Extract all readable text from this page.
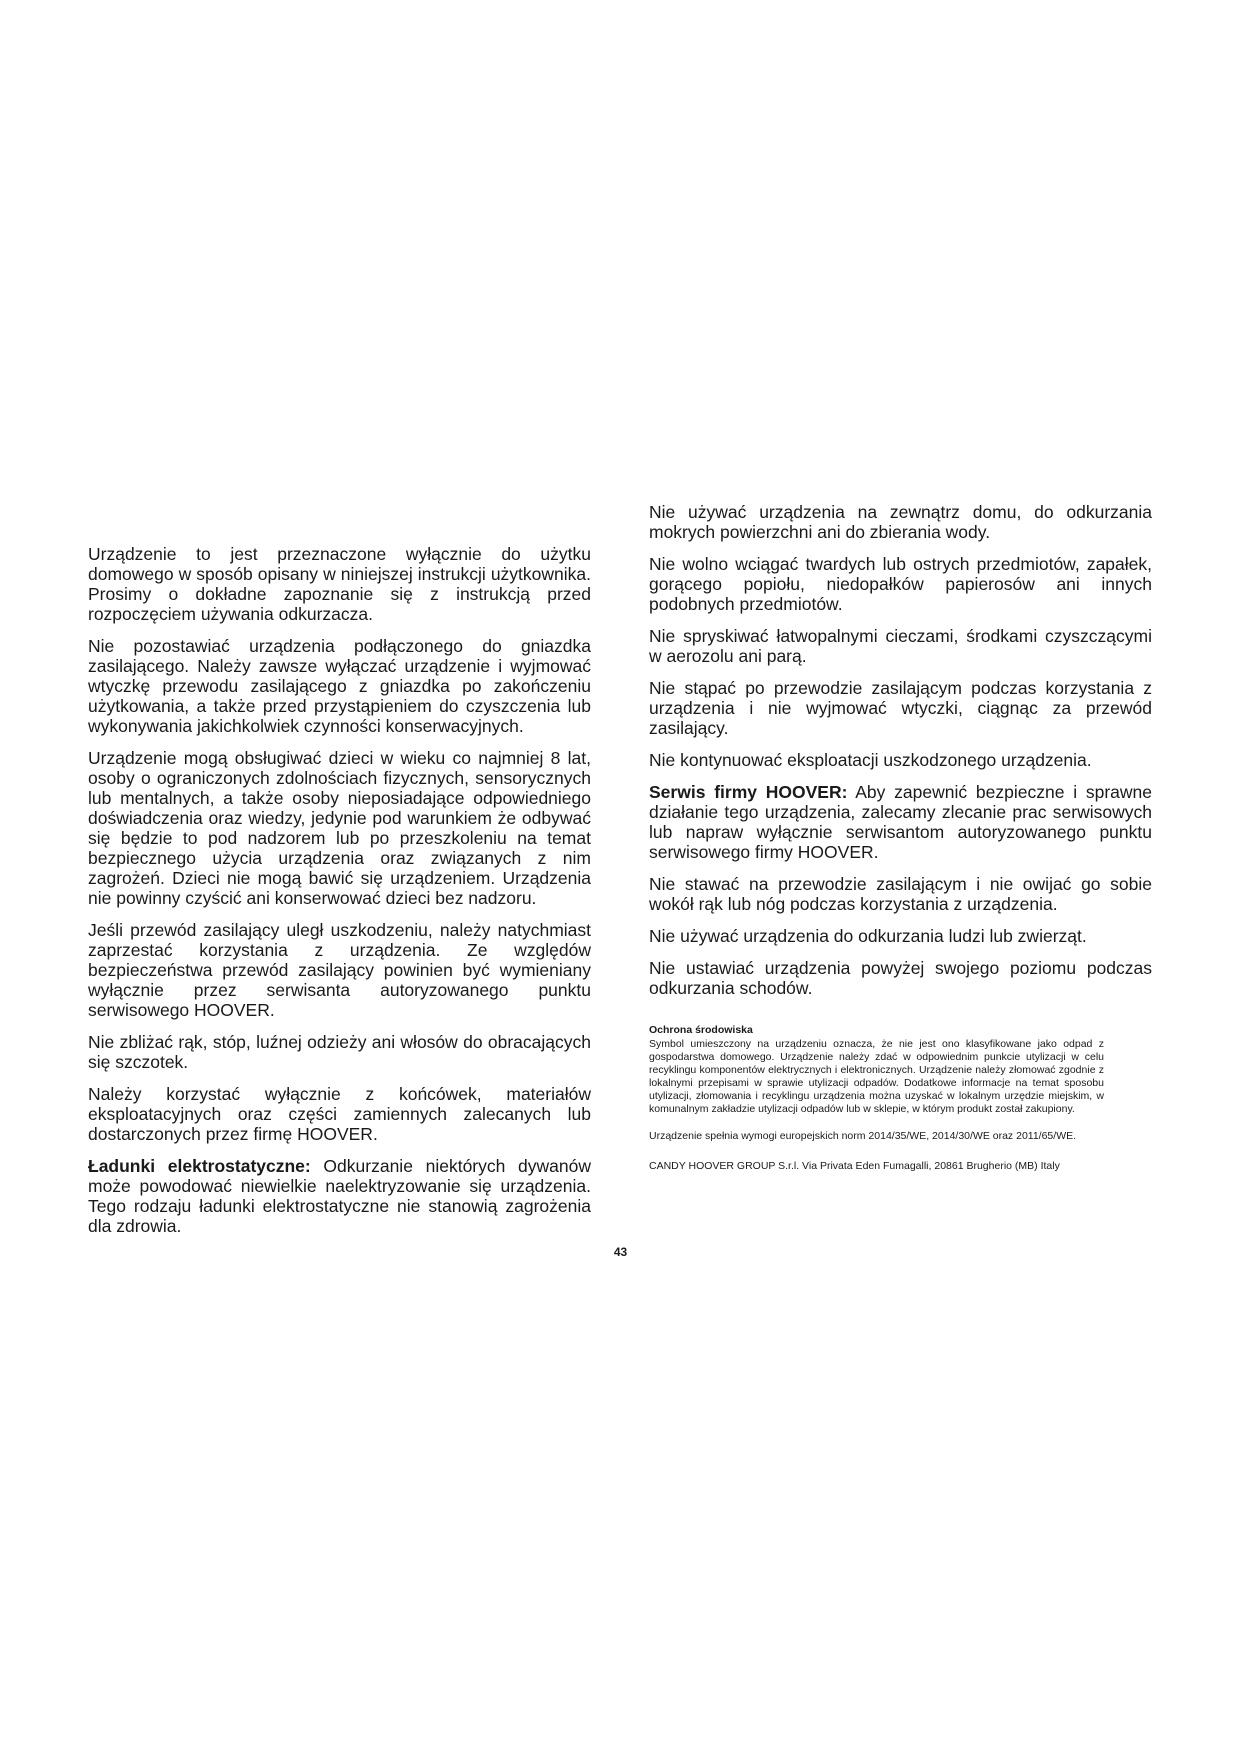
Urządzenie to jest przeznaczone wyłącznie do użytku domowego w sposób opisany w niniejszej instrukcji użytkownika. Prosimy o dokładne zapoznanie się z instrukcją przed rozpoczęciem używania odkurzacza.

Nie pozostawiać urządzenia podłączonego do gniazdka zasilającego. Należy zawsze wyłączać urządzenie i wyjmować wtyczkę przewodu zasilającego z gniazdka po zakończeniu użytkowania, a także przed przystąpieniem do czyszczenia lub wykonywania jakichkolwiek czynności konserwacyjnych.

Urządzenie mogą obsługiwać dzieci w wieku co najmniej 8 lat, osoby o ograniczonych zdolnościach fizycznych, sensorycznych lub mentalnych, a także osoby nieposiadające odpowiedniego doświadczenia oraz wiedzy, jedynie pod warunkiem że odbywać się będzie to pod nadzorem lub po przeszkoleniu na temat bezpiecznego użycia urządzenia oraz związanych z nim zagrożeń. Dzieci nie mogą bawić się urządzeniem. Urządzenia nie powinny czyścić ani konserwować dzieci bez nadzoru.

Jeśli przewód zasilający uległ uszkodzeniu, należy natychmiast zaprzestać korzystania z urządzenia. Ze względów bezpieczeństwa przewód zasilający powinien być wymieniany wyłącznie przez serwisanta autoryzowanego punktu serwisowego HOOVER.

Nie zbliżać rąk, stóp, luźnej odzieży ani włosów do obracających się szczotek.

Należy korzystać wyłącznie z końcówek, materiałów eksploatacyjnych oraz części zamiennych zalecanych lub dostarczonych przez firmę HOOVER.

Ładunki elektrostatyczne: Odkurzanie niektórych dywanów może powodować niewielkie naelektryzowanie się urządzenia. Tego rodzaju ładunki elektrostatyczne nie stanowią zagrożenia dla zdrowia.

Nie używać urządzenia na zewnątrz domu, do odkurzania mokrych powierzchni ani do zbierania wody.

Nie wolno wciągać twardych lub ostrych przedmiotów, zapałek, gorącego popiołu, niedopałków papierosów ani innych podobnych przedmiotów.

Nie spryskiwać łatwopalnymi cieczami, środkami czyszczącymi w aerozolu ani parą.

Nie stąpać po przewodzie zasilającym podczas korzystania z urządzenia i nie wyjmować wtyczki, ciągnąc za przewód zasilający.

Nie kontynuować eksploatacji uszkodzonego urządzenia.

Serwis firmy HOOVER: Aby zapewnić bezpieczne i sprawne działanie tego urządzenia, zalecamy zlecanie prac serwisowych lub napraw wyłącznie serwisantom autoryzowanego punktu serwisowego firmy HOOVER.

Nie stawać na przewodzie zasilającym i nie owijać go sobie wokół rąk lub nóg podczas korzystania z urządzenia.

Nie używać urządzenia do odkurzania ludzi lub zwierząt.

Nie ustawiać urządzenia powyżej swojego poziomu podczas odkurzania schodów.

Ochrona środowiska

Symbol umieszczony na urządzeniu oznacza, że nie jest ono klasyfikowane jako odpad z gospodarstwa domowego. Urządzenie należy zdać w odpowiednim punkcie utylizacji w celu recyklingu komponentów elektrycznych i elektronicznych. Urządzenie należy złomować zgodnie z lokalnymi przepisami w sprawie utylizacji odpadów. Dodatkowe informacje na temat sposobu utylizacji, złomowania i recyklingu urządzenia można uzyskać w lokalnym urzędzie miejskim, w komunalnym zakładzie utylizacji odpadów lub w sklepie, w którym produkt został zakupiony.

Urządzenie spełnia wymogi europejskich norm 2014/35/WE, 2014/30/WE oraz 2011/65/WE.

CANDY HOOVER GROUP S.r.l. Via Privata Eden Fumagalli, 20861 Brugherio (MB) Italy

43
